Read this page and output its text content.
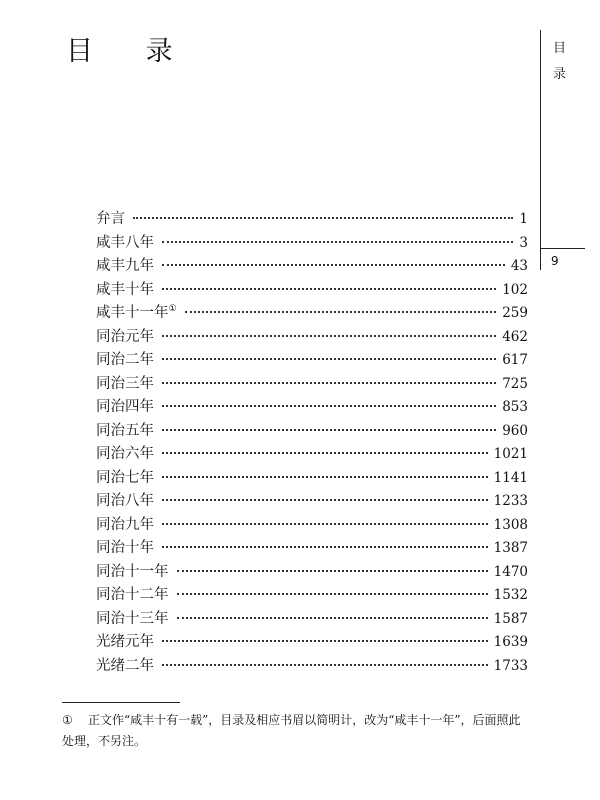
目 录	目录
9
弁言	1
咸丰八年	3
咸丰九年	43
咸丰十年	102
咸丰十一年①	259
同治元年	462
同治二年	617
同治三年	725
同治四年	853
同治五年	960
同治六年	1021
同治七年	1141
同治八年	1233
同治九年	1308
同治十年	1387
同治十一年	1470
同治十二年	1532
同治十三年	1587
光绪元年	1639
光绪二年	1733
① 正文作“咸丰十有一载”，目录及相应书眉以简明计，改为“咸丰十一年”，后面照此处理，不另注。
